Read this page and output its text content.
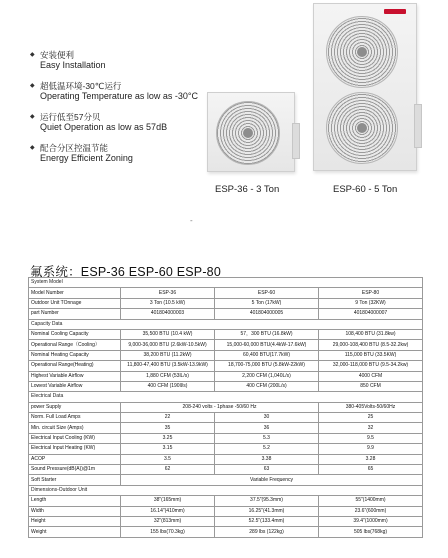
◆ 安装便利
Easy Installation
◆ 超低温环境-30℃运行
Operating Temperature as low as -30°C
◆ 运行低至57分贝
Quiet Operation as low as 57dB
◆ 配合分区控温节能
Energy Efficient Zoning
ESP-36 - 3 Ton	ESP-60 - 5 Ton
-
氟系统：ESP-36 ESP-60 ESP-80
System Model			
Model Number	ESP-36	ESP-60	ESP-80
Outdoor Unit TOnnage	3 Ton (10.5 kW)	5 Ton (17kW)	9 Ton (32KW)
part Number	401804000003	401804000005	401804000007
Capacity Data			
Nominal Cooling Capacity	35,500 BTU (10.4 kW)	57，300 BTU (16.8kW)	108,400 BTU (31.8kw)
Operational Range（Cooling）	9,000-36,000 BTU (2.6kW-10.5kW)	15,000-60,000 BTU(4.4kW-17.6kW)	29,000-108,400 BTU (8.5-32.2kw)
Nominal Heating Capacity	38,200 BTU (11.2kW)	60,400 BTU(17.7kW)	115,000 BTU (33.5KW)
Operational Range(Heating)	11,800-47,400 BTU (3.5kW-13.9kW)	18,700-75,000 BTU (5.8kW-22kW)	32,000-118,000 BTU (9.5-34.2kw)
Highest Variable Airflow	1,880 CFM (53lL/s)	2,200 CFM (1,040L/s)	4000 CFM
Lowest Variable Airflow	400 CFM (190ll/s)	400 CFM (200L/s)	850 CFM
Electrical Data			
power Supply	208-240 volts - 1phase -50/60 Hz		380-405Volts-50/60Hz
Norm. Full Load Amps	22	30	25
Min. circuit Size (Amps)	35	36	32
Electrical Input Cooling (KW)	3.25	5.3	9.5
Electrical Input Heating (KW)	3.15	5.2	9.9
ACOP	3.5	3.38	3.28
Sound Pressure(dB(A))@1m	62	63	65
Soft Starter	Variable Frequency		
Dimensions-Outdoor Unit			
Length	38"(165mm)	37.5"(95.3mm)	55"(1400mm)
Width	16.14"(410mm)	16.25"(41.3mm)	23.6"(600mm)
Height	32"(813mm)	52.5"(133.4mm)	39.4"(1000mm)
Weight	155 lbs(70.3kg)	289 lbs (122kg)	505 lbs(768kg)
